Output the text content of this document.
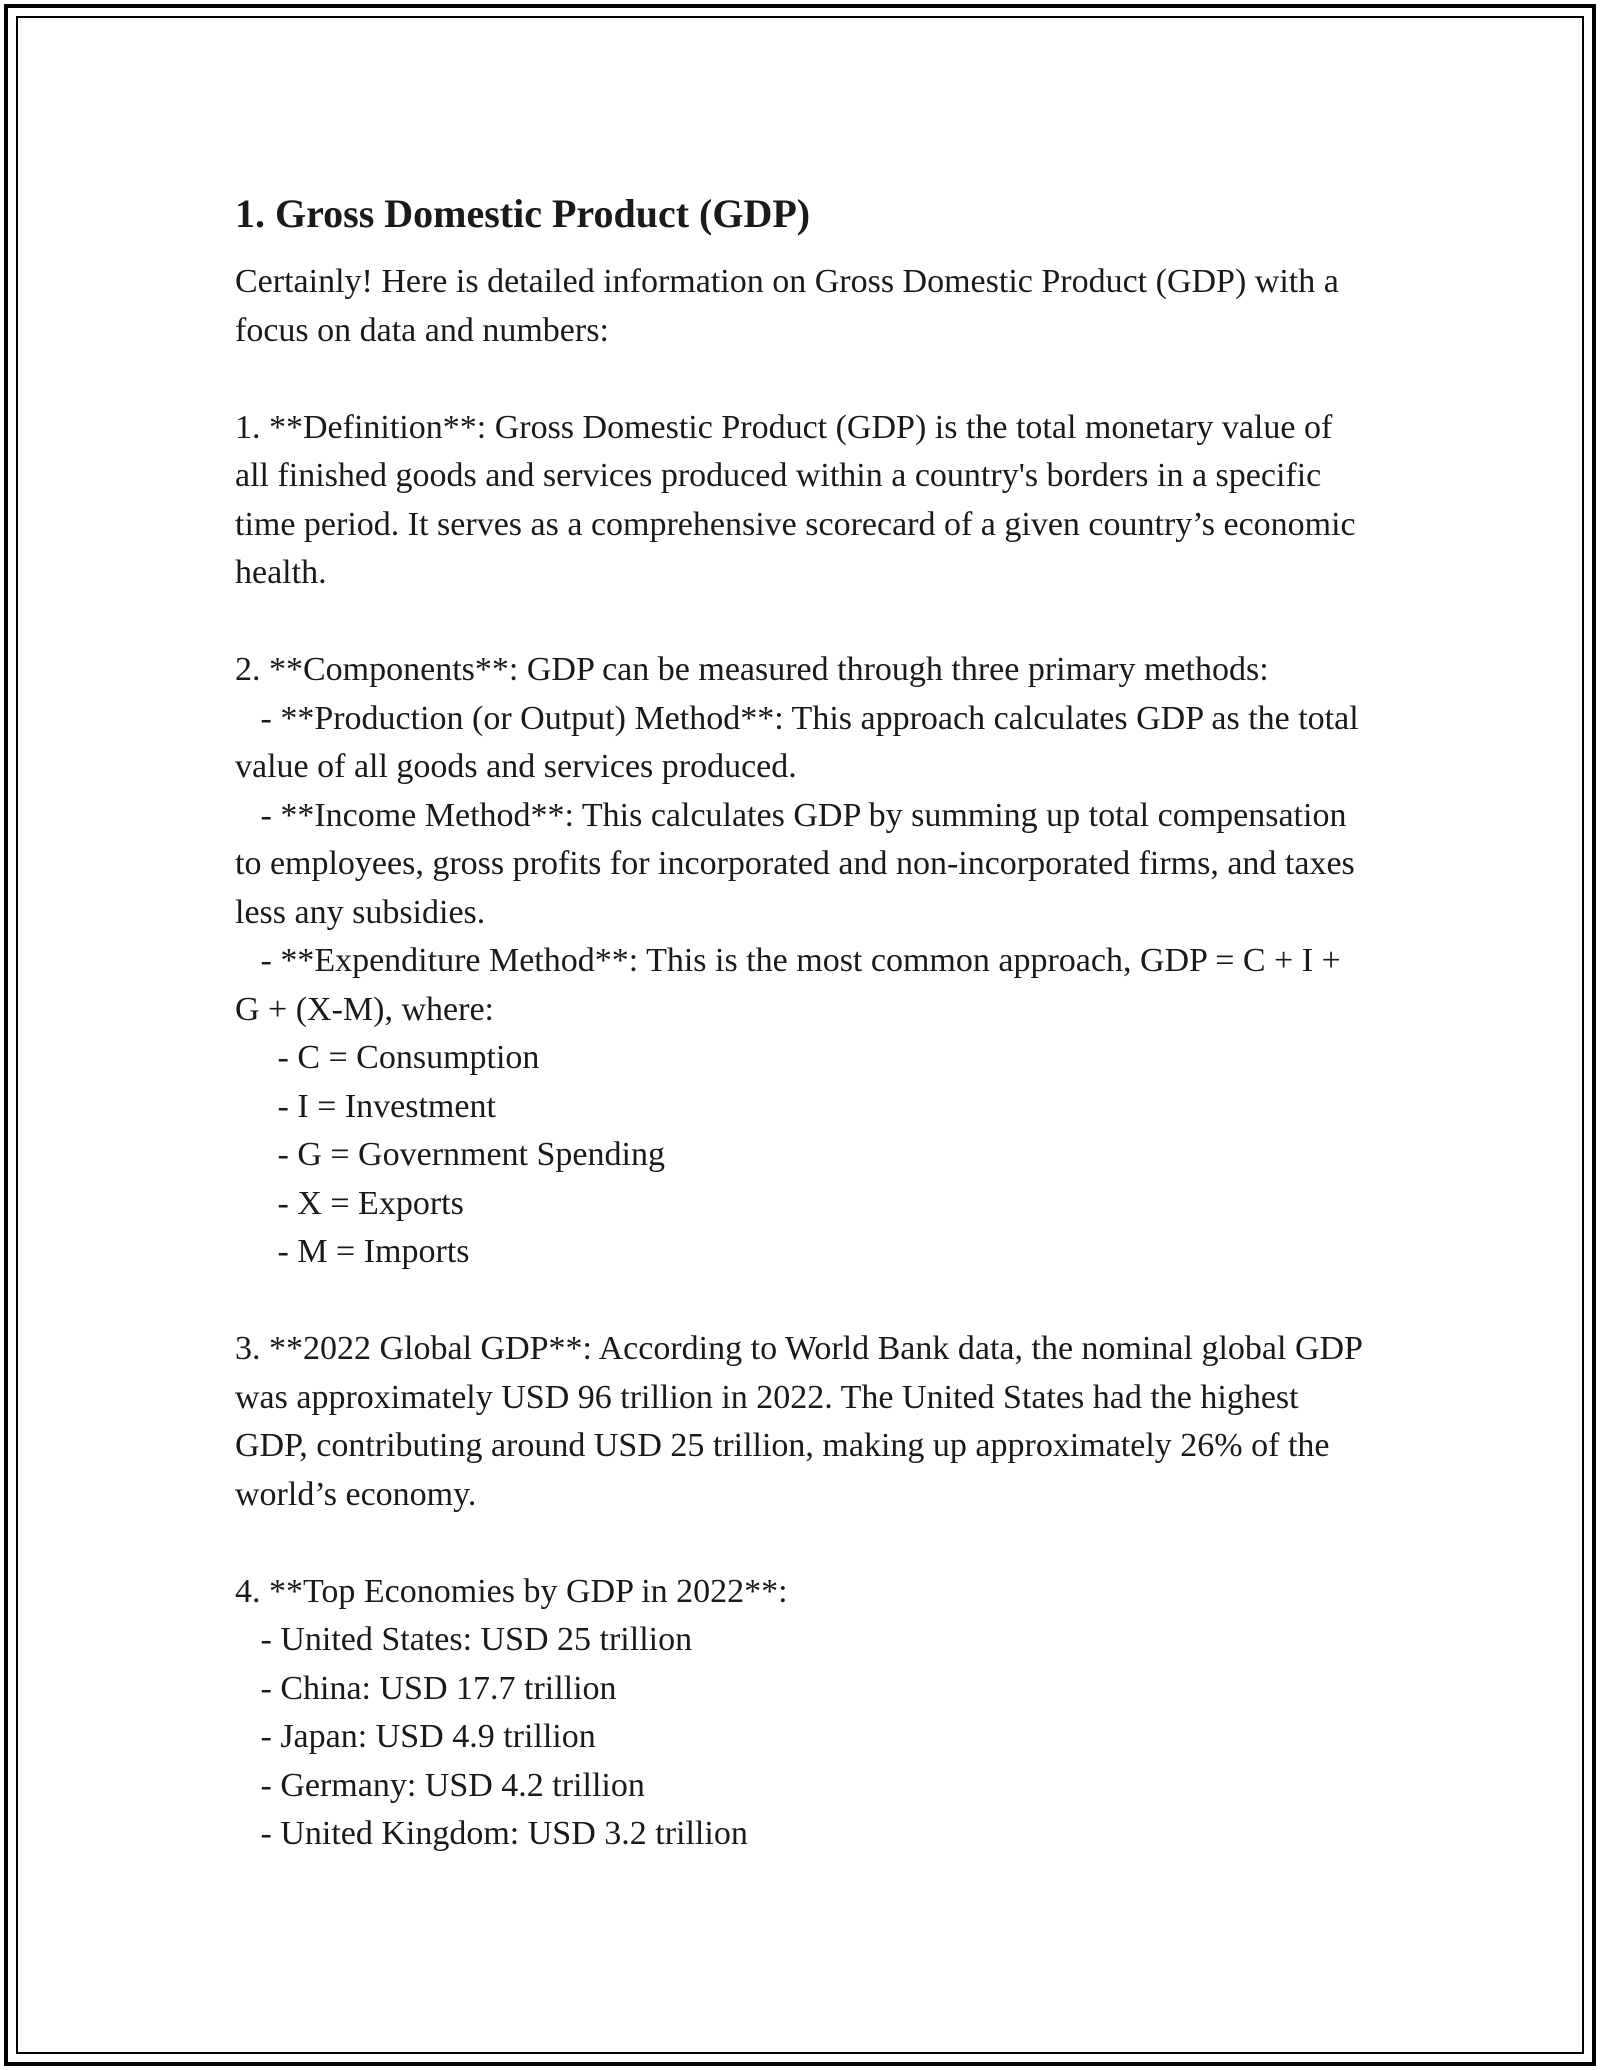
1. Gross Domestic Product (GDP)

Certainly! Here is detailed information on Gross Domestic Product (GDP) with a focus on data and numbers:

1. **Definition**: Gross Domestic Product (GDP) is the total monetary value of all finished goods and services produced within a country's borders in a specific time period. It serves as a comprehensive scorecard of a given country’s economic health.

2. **Components**: GDP can be measured through three primary methods:
- **Production (or Output) Method**: This approach calculates GDP as the total value of all goods and services produced.
- **Income Method**: This calculates GDP by summing up total compensation to employees, gross profits for incorporated and non-incorporated firms, and taxes less any subsidies.
- **Expenditure Method**: This is the most common approach, GDP = C + I + G + (X-M), where:
- C = Consumption
- I = Investment
- G = Government Spending
- X = Exports
- M = Imports

3. **2022 Global GDP**: According to World Bank data, the nominal global GDP was approximately USD 96 trillion in 2022. The United States had the highest GDP, contributing around USD 25 trillion, making up approximately 26% of the world’s economy.

4. **Top Economies by GDP in 2022**:
- United States: USD 25 trillion
- China: USD 17.7 trillion
- Japan: USD 4.9 trillion
- Germany: USD 4.2 trillion
- United Kingdom: USD 3.2 trillion
